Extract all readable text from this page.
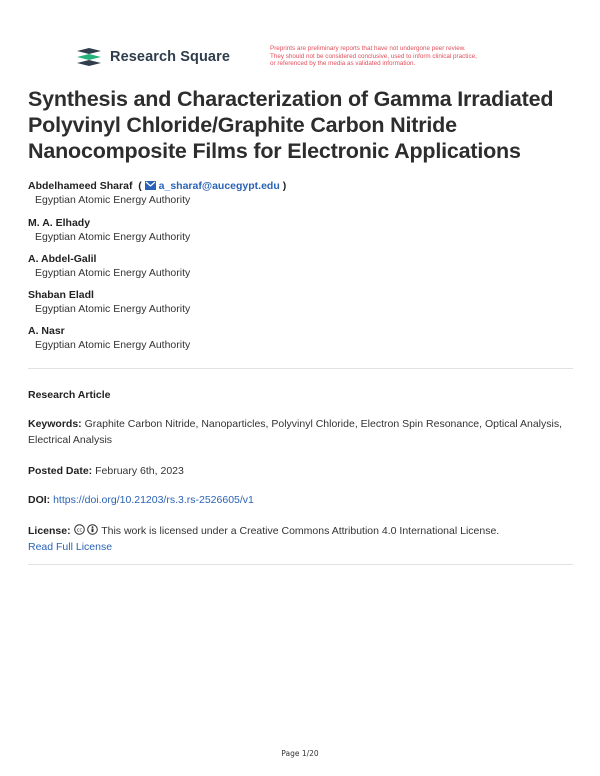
Research Square
Preprints are preliminary reports that have not undergone peer review.
They should not be considered conclusive, used to inform clinical practice,
or referenced by the media as validated information.
Synthesis and Characterization of Gamma Irradiated Polyvinyl Chloride/Graphite Carbon Nitride Nanocomposite Films for Electronic Applications
Abdelhameed Sharaf  ( a_sharaf@aucegypt.edu )
Egyptian Atomic Energy Authority
M. A. Elhady
Egyptian Atomic Energy Authority
A. Abdel-Galil
Egyptian Atomic Energy Authority
Shaban Eladl
Egyptian Atomic Energy Authority
A. Nasr
Egyptian Atomic Energy Authority
Research Article
Keywords: Graphite Carbon Nitride, Nanoparticles, Polyvinyl Chloride, Electron Spin Resonance, Optical Analysis, Electrical Analysis
Posted Date: February 6th, 2023
DOI: https://doi.org/10.21203/rs.3.rs-2526605/v1
License: cc This work is licensed under a Creative Commons Attribution 4.0 International License.
Read Full License
Page 1/20
